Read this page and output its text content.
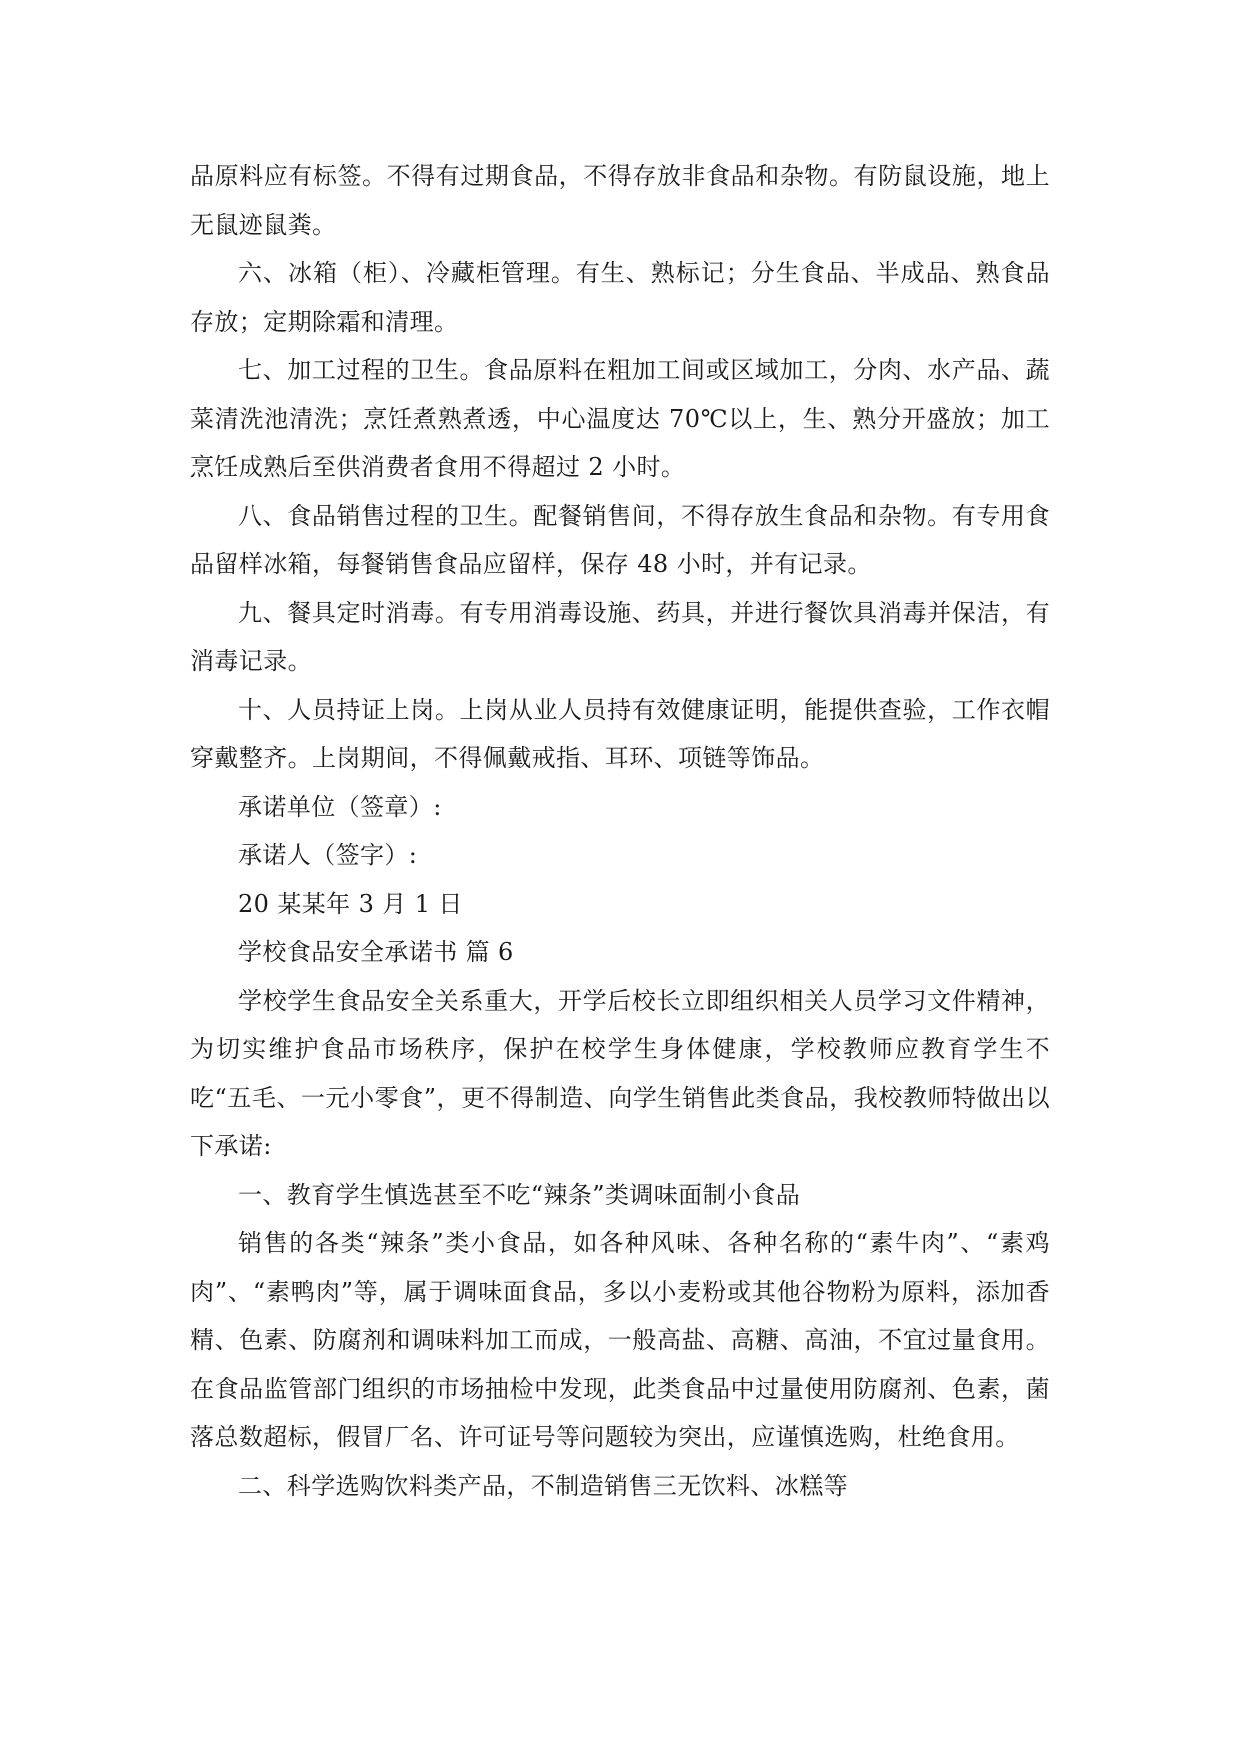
品原料应有标签。不得有过期食品，不得存放非食品和杂物。有防鼠设施，地上无鼠迹鼠粪。

六、冰箱（柜）、冷藏柜管理。有生、熟标记；分生食品、半成品、熟食品存放；定期除霜和清理。

七、加工过程的卫生。食品原料在粗加工间或区域加工，分肉、水产品、蔬菜清洗池清洗；烹饪煮熟煮透，中心温度达 70℃以上，生、熟分开盛放；加工烹饪成熟后至供消费者食用不得超过 2 小时。

八、食品销售过程的卫生。配餐销售间，不得存放生食品和杂物。有专用食品留样冰箱，每餐销售食品应留样，保存 48 小时，并有记录。

九、餐具定时消毒。有专用消毒设施、药具，并进行餐饮具消毒并保洁，有消毒记录。

十、人员持证上岗。上岗从业人员持有效健康证明，能提供查验，工作衣帽穿戴整齐。上岗期间，不得佩戴戒指、耳环、项链等饰品。

承诺单位（签章）:

承诺人（签字）:

20 某某年 3 月 1 日

学校食品安全承诺书 篇 6

学校学生食品安全关系重大，开学后校长立即组织相关人员学习文件精神，为切实维护食品市场秩序，保护在校学生身体健康，学校教师应教育学生不吃“五毛、一元小零食”，更不得制造、向学生销售此类食品，我校教师特做出以下承诺:

一、教育学生慎选甚至不吃“辣条”类调味面制小食品

销售的各类“辣条”类小食品，如各种风味、各种名称的“素牛肉”、“素鸡肉”、“素鸭肉”等，属于调味面食品，多以小麦粉或其他谷物粉为原料，添加香精、色素、防腐剂和调味料加工而成，一般高盐、高糖、高油，不宜过量食用。在食品监管部门组织的市场抽检中发现，此类食品中过量使用防腐剂、色素，菌落总数超标，假冒厂名、许可证号等问题较为突出，应谨慎选购，杜绝食用。

二、科学选购饮料类产品，不制造销售三无饮料、冰糕等
